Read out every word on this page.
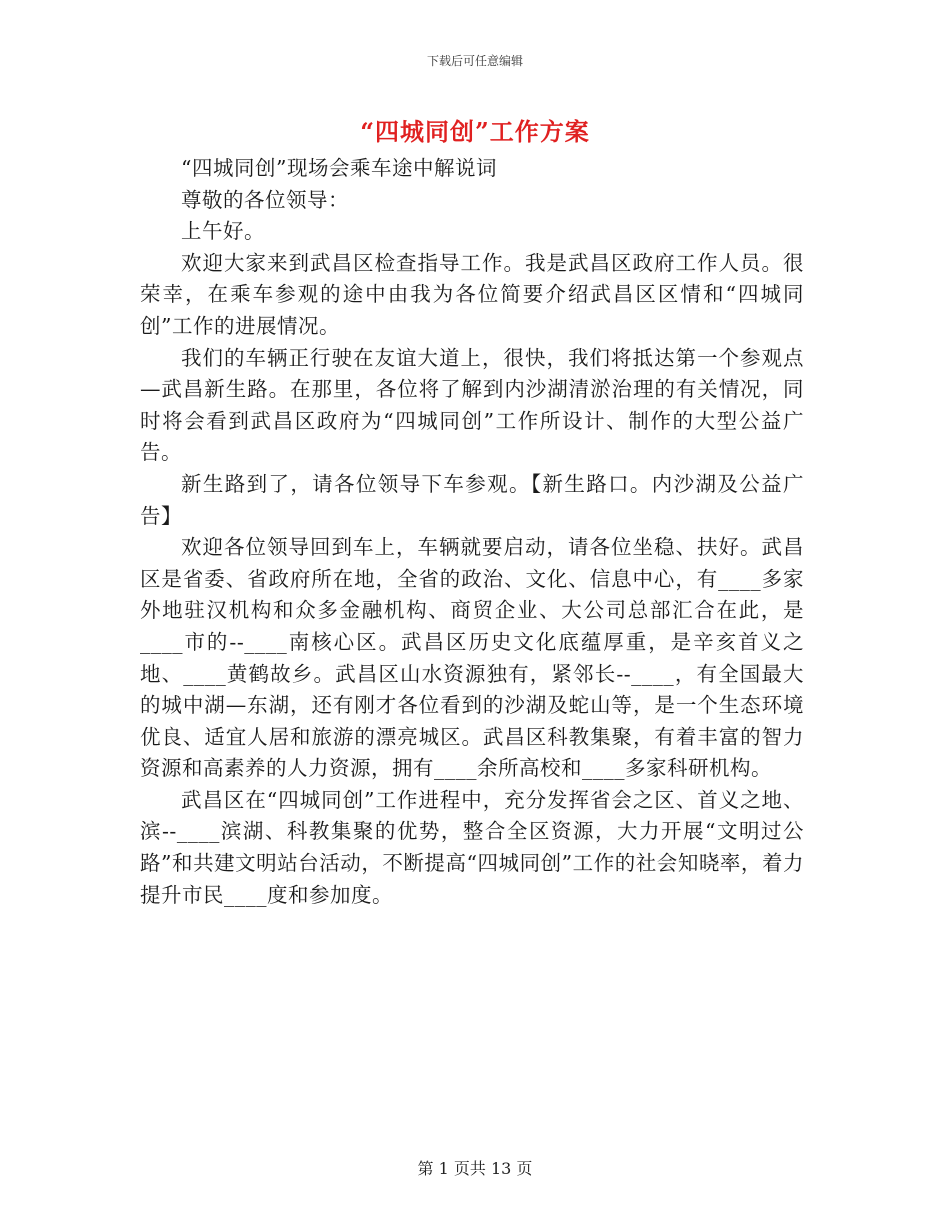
下载后可任意编辑
“四城同创”工作方案

“四城同创”现场会乘车途中解说词

尊敬的各位领导：

上午好。

欢迎大家来到武昌区检查指导工作。我是武昌区政府工作人员。很荣幸，在乘车参观的途中由我为各位简要介绍武昌区区情和“四城同创”工作的进展情况。

我们的车辆正行驶在友谊大道上，很快，我们将抵达第一个参观点—武昌新生路。在那里，各位将了解到内沙湖清淤治理的有关情况，同时将会看到武昌区政府为“四城同创”工作所设计、制作的大型公益广告。

新生路到了，请各位领导下车参观。【新生路口。内沙湖及公益广告】

欢迎各位领导回到车上，车辆就要启动，请各位坐稳、扶好。武昌区是省委、省政府所在地，全省的政治、文化、信息中心，有____多家外地驻汉机构和众多金融机构、商贸企业、大公司总部汇合在此，是____市的--____南核心区。武昌区历史文化底蕴厚重，是辛亥首义之地、____黄鹤故乡。武昌区山水资源独有，紧邻长--____，有全国最大的城中湖—东湖，还有刚才各位看到的沙湖及蛇山等，是一个生态环境优良、适宜人居和旅游的漂亮城区。武昌区科教集聚，有着丰富的智力资源和高素养的人力资源，拥有____余所高校和____多家科研机构。

武昌区在“四城同创”工作进程中，充分发挥省会之区、首义之地、滨--____滨湖、科教集聚的优势，整合全区资源，大力开展“文明过公路”和共建文明站台活动，不断提高“四城同创”工作的社会知晓率，着力提升市民____度和参加度。

第 1 页共 13 页
